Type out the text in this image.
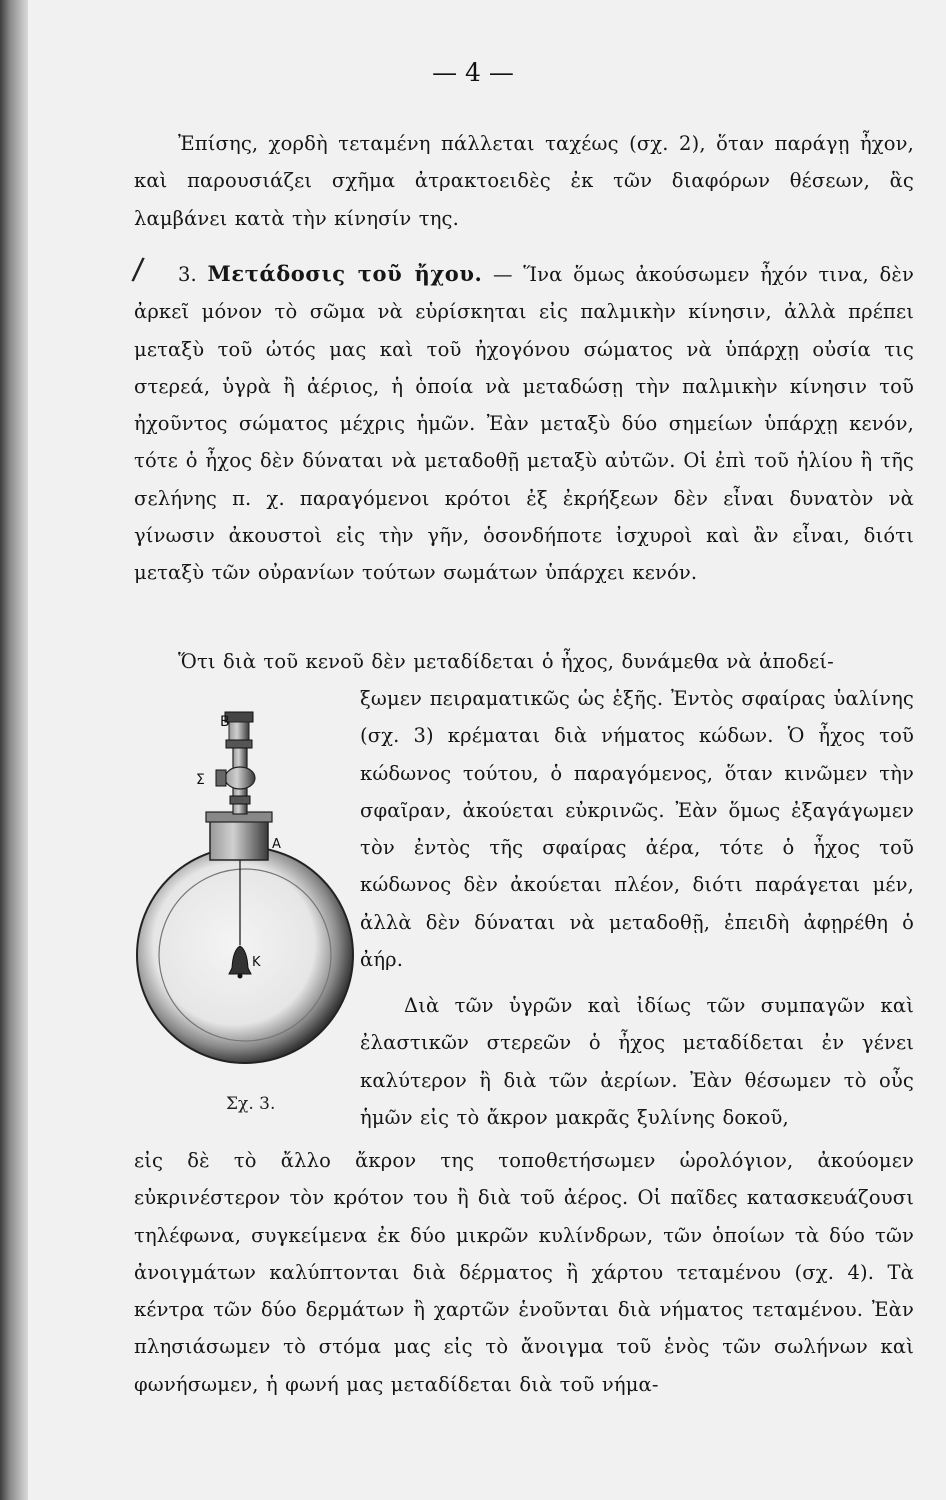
— 4 —
Ἐπίσης, χορδὴ τεταμένη πάλλεται ταχέως (σχ. 2), ὅταν παράγῃ ἦχον, καὶ παρουσιάζει σχῆμα ἀτρακτοειδὲς ἐκ τῶν διαφόρων θέσεων, ἃς λαμβάνει κατὰ τὴν κίνησίν της.
/	3. Μετάδοσις τοῦ ἤχου. — Ἵνα ὅμως ἀκούσωμεν ἦχόν τινα, δὲν ἀρκεῖ μόνον τὸ σῶμα νὰ εὑρίσκηται εἰς παλμικὴν κίνησιν, ἀλλὰ πρέπει μεταξὺ τοῦ ὠτός μας καὶ τοῦ ἠχογόνου σώματος νὰ ὑπάρχῃ οὐσία τις στερεά, ὑγρὰ ἢ ἀέριος, ἡ ὁποία νὰ μεταδώσῃ τὴν παλμικὴν κίνησιν τοῦ ἠχοῦντος σώματος μέχρις ἡμῶν. Ἐὰν μεταξὺ δύο σημείων ὑπάρχῃ κενόν, τότε ὁ ἦχος δὲν δύναται νὰ μεταδοθῇ μεταξὺ αὐτῶν. Οἱ ἐπὶ τοῦ ἡλίου ἢ τῆς σελήνης π. χ. παραγόμενοι κρότοι ἐξ ἐκρήξεων δὲν εἶναι δυνατὸν νὰ γίνωσιν ἀκουστοὶ εἰς τὴν γῆν, ὁσονδήποτε ἰσχυροὶ καὶ ἂν εἶναι, διότι μεταξὺ τῶν οὐρανίων τούτων σωμάτων ὑπάρχει κενόν.
Ὅτι διὰ τοῦ κενοῦ δὲν μεταδίδεται ὁ ἦχος, δυνάμεθα νὰ ἀποδεί-
ξωμεν πειραματικῶς ὡς ἑξῆς. Ἐντὸς σφαίρας ὑαλίνης (σχ. 3) κρέμαται διὰ νήματος κώδων. Ὁ ἦχος τοῦ κώδωνος τούτου, ὁ παραγόμενος, ὅταν κινῶμεν τὴν σφαῖραν, ἀκούεται εὐκρινῶς. Ἐὰν ὅμως ἐξαγάγωμεν τὸν ἐντὸς τῆς σφαίρας ἀέρα, τότε ὁ ἦχος τοῦ κώδωνος δὲν ἀκούεται πλέον, διότι παράγεται μέν, ἀλλὰ δὲν δύναται νὰ μεταδοθῇ, ἐπειδὴ ἀφῃρέθη ὁ ἀήρ.
B
Σ
A
K
Σχ. 3.
Διὰ τῶν ὑγρῶν καὶ ἰδίως τῶν συμπαγῶν καὶ ἐλαστικῶν στερεῶν ὁ ἦχος μεταδίδεται ἐν γένει καλύτερον ἢ διὰ τῶν ἀερίων. Ἐὰν θέσωμεν τὸ οὖς ἡμῶν εἰς τὸ ἄκρον μακρᾶς ξυλίνης δοκοῦ,
εἰς δὲ τὸ ἄλλο ἄκρον της τοποθετήσωμεν ὡρολόγιον, ἀκούομεν εὐκρινέστερον τὸν κρότον του ἢ διὰ τοῦ ἀέρος. Οἱ παῖδες κατασκευάζουσι τηλέφωνα, συγκείμενα ἐκ δύο μικρῶν κυλίνδρων, τῶν ὁποίων τὰ δύο τῶν ἀνοιγμάτων καλύπτονται διὰ δέρματος ἢ χάρτου τεταμένου (σχ. 4). Τὰ κέντρα τῶν δύο δερμάτων ἢ χαρτῶν ἑνοῦνται διὰ νήματος τεταμένου. Ἐὰν πλησιάσωμεν τὸ στόμα μας εἰς τὸ ἄνοιγμα τοῦ ἑνὸς τῶν σωλήνων καὶ φωνήσωμεν, ἡ φωνή μας μεταδίδεται διὰ τοῦ νήμα-
